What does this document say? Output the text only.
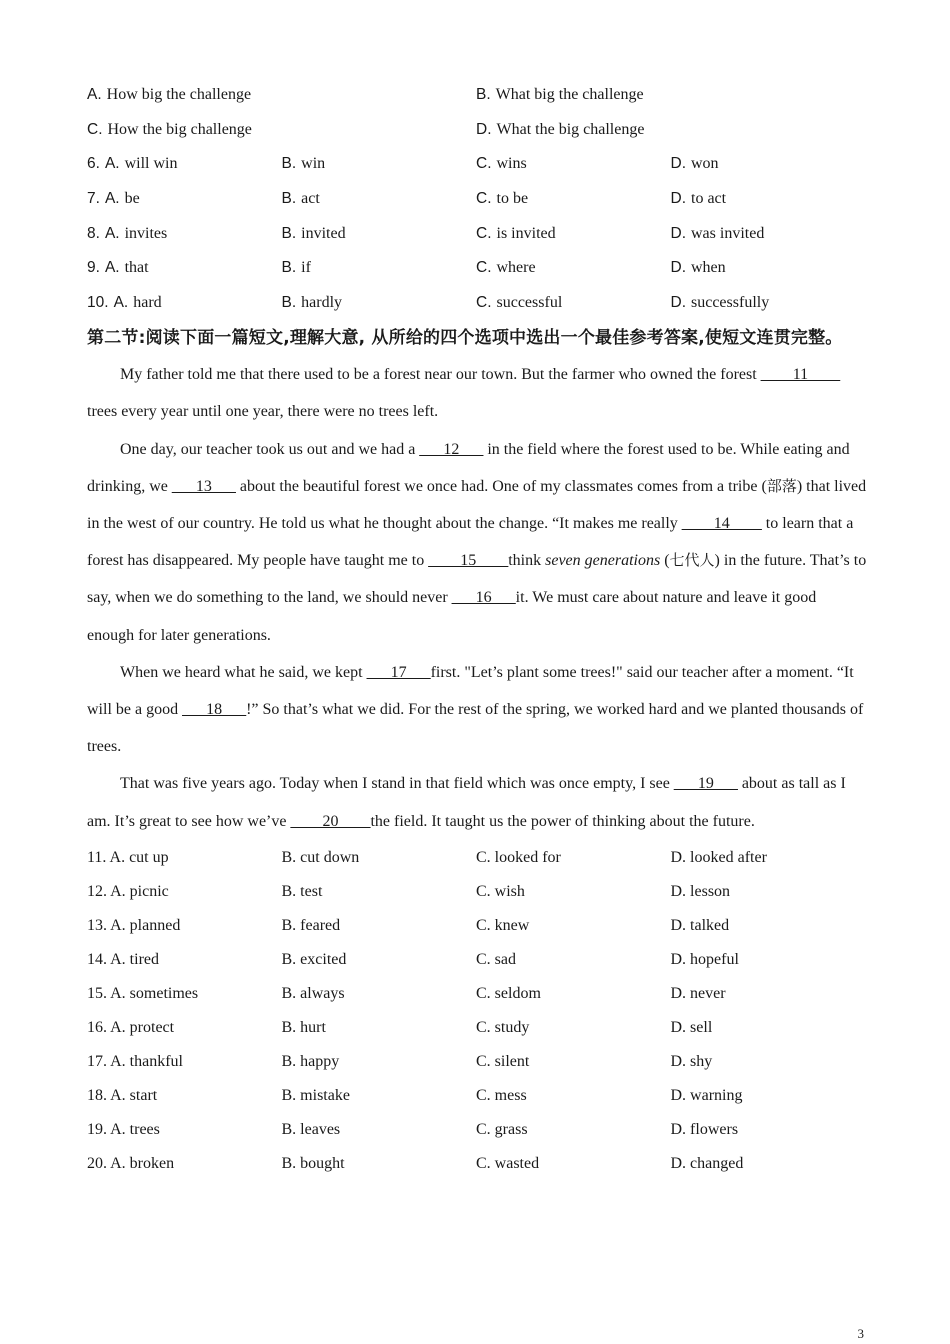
A. How big the challenge	B. What big the challenge
C. How the big challenge	D. What the big challenge
6. A. will win	B. win	C. wins	D. won
7. A. be	B. act	C. to be	D. to act
8. A. invites	B. invited	C. is invited	D. was invited
9. A. that	B. if	C. where	D. when
10. A. hard	B. hardly	C. successful	D. successfully
第二节:阅读下面一篇短文,理解大意, 从所给的四个选项中选出一个最佳参考答案,使短文连贯完整。

My father told me that there used to be a forest near our town. But the farmer who owned the forest ____11____ trees every year until one year, there were no trees left.

One day, our teacher took us out and we had a ___12___ in the field where the forest used to be. While eating and drinking, we ___13___ about the beautiful forest we once had. One of my classmates comes from a tribe (部落) that lived in the west of our country. He told us what he thought about the change. “It makes me really ____14____ to learn that a forest has disappeared. My people have taught me to ____15____think seven generations (七代人) in the future. That’s to say, when we do something to the land, we should never ___16___it. We must care about nature and leave it good enough for later generations.

When we heard what he said, we kept ___17___first. "Let’s plant some trees!" said our teacher after a moment. “It will be a good ___18___!” So that’s what we did. For the rest of the spring, we worked hard and we planted thousands of trees.

That was five years ago. Today when I stand in that field which was once empty, I see ___19___ about as tall as I am. It’s great to see how we’ve ____20____the field. It taught us the power of thinking about the future.

11. A. cut up	B. cut down	C. looked for	D. looked after
12. A. picnic	B. test	C. wish	D. lesson
13. A. planned	B. feared	C. knew	D. talked
14. A. tired	B. excited	C. sad	D. hopeful
15. A. sometimes	B. always	C. seldom	D. never
16. A. protect	B. hurt	C. study	D. sell
17. A. thankful	B. happy	C. silent	D. shy
18. A. start	B. mistake	C. mess	D. warning
19. A. trees	B. leaves	C. grass	D. flowers
20. A. broken	B. bought	C. wasted	D. changed
3
